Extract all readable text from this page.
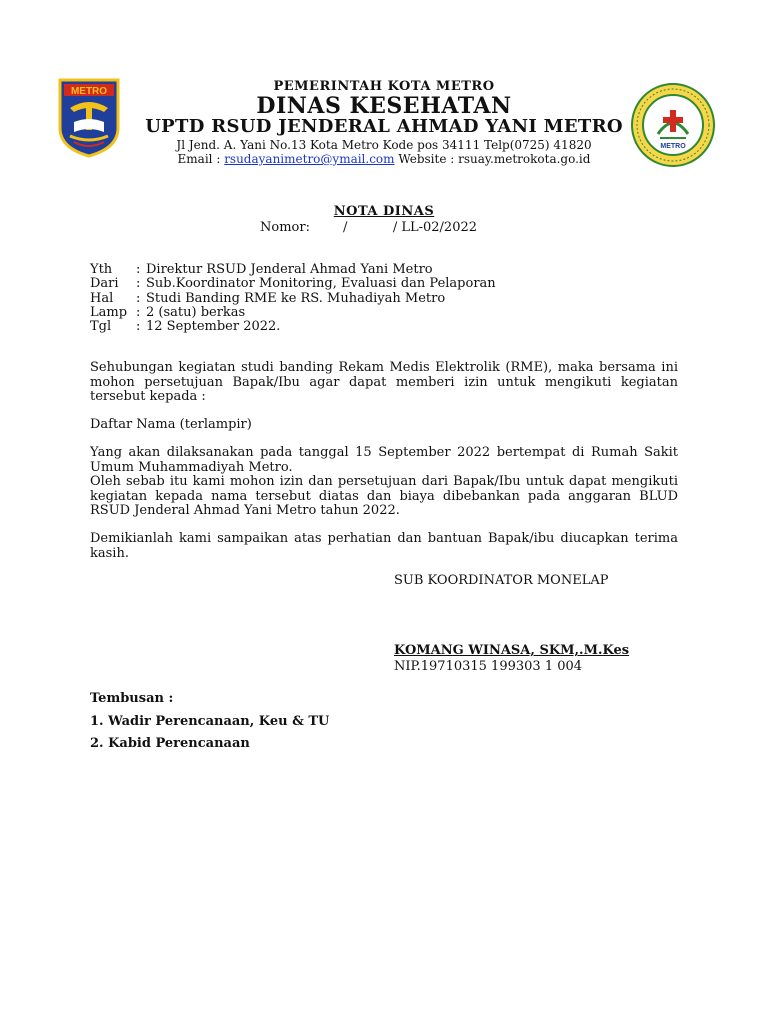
METRO
METRO
PEMERINTAH KOTA METRO
DINAS KESEHATAN
UPTD RSUD JENDERAL AHMAD YANI METRO
Jl Jend. A. Yani No.13 Kota Metro Kode pos 34111 Telp(0725) 41820
Email : rsudayanimetro@ymail.com Website : rsuay.metrokota.go.id
NOTA DINAS
Nomor:        /           / LL-02/2022
Yth	: Direktur RSUD Jenderal Ahmad Yani Metro
Dari	: Sub.Koordinator Monitoring, Evaluasi dan Pelaporan
Hal	: Studi Banding RME ke RS. Muhadiyah Metro
Lamp : 2 (satu) berkas
Tgl	: 12 September 2022.
Sehubungan kegiatan studi banding Rekam Medis Elektrolik (RME), maka bersama ini mohon persetujuan Bapak/Ibu agar dapat memberi izin untuk mengikuti kegiatan tersebut kepada :
Daftar Nama (terlampir)
Yang akan dilaksanakan pada tanggal 15 September 2022 bertempat di Rumah Sakit Umum Muhammadiyah Metro.
Oleh sebab itu kami mohon izin dan persetujuan dari Bapak/Ibu untuk dapat mengikuti kegiatan kepada nama tersebut diatas dan biaya dibebankan pada anggaran BLUD RSUD Jenderal Ahmad Yani Metro tahun 2022.
Demikianlah kami sampaikan atas perhatian dan bantuan Bapak/ibu diucapkan terima kasih.
SUB KOORDINATOR MONELAP
KOMANG WINASA, SKM,.M.Kes
NIP.19710315 199303 1 004
Tembusan :
1. Wadir Perencanaan, Keu & TU
2. Kabid Perencanaan
